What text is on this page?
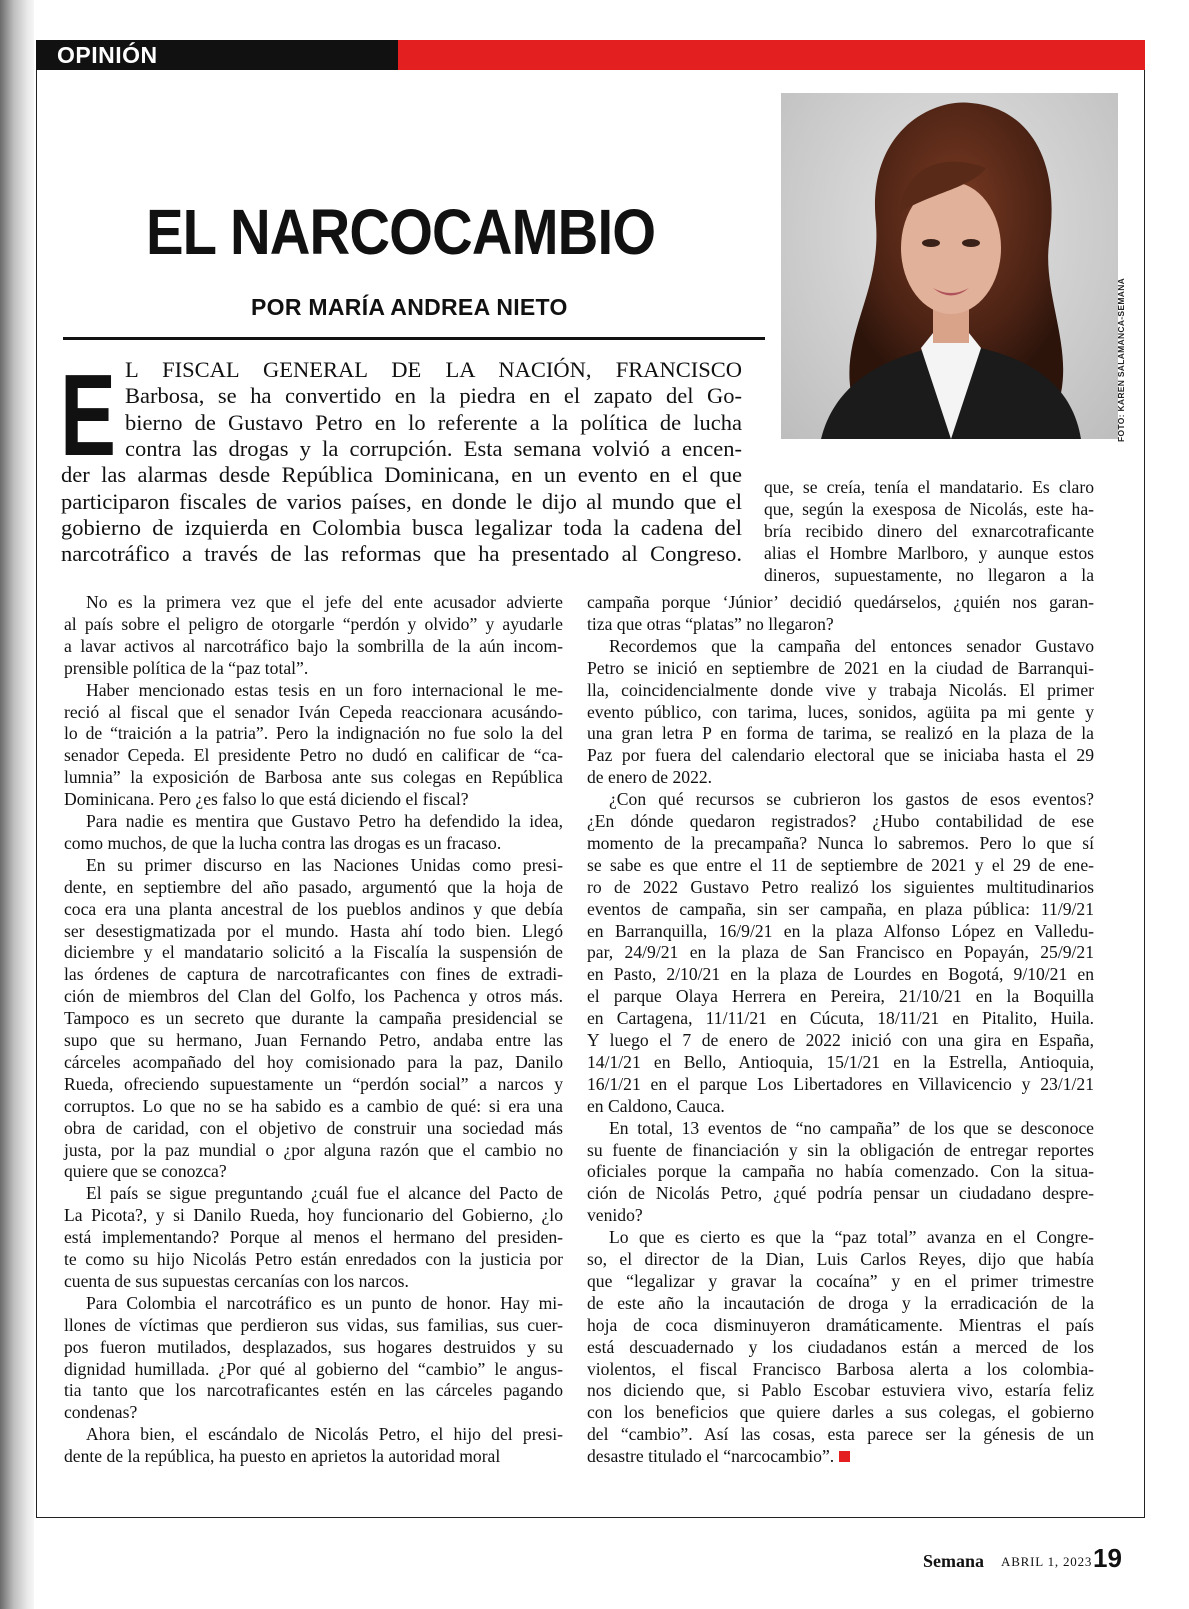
OPINIÓN
FOTO: KAREN SALAMANCA-SEMANA
EL NARCOCAMBIO
POR MARÍA ANDREA NIETO
E L FISCAL GENERAL DE LA NACIÓN, FRANCISCO
Barbosa, se ha convertido en la piedra en el zapato del Go-
bierno de Gustavo Petro en lo referente a la política de lucha
contra las drogas y la corrupción. Esta semana volvió a encen-
der las alarmas desde República Dominicana, en un evento en el que
participaron fiscales de varios países, en donde le dijo al mundo que el
gobierno de izquierda en Colombia busca legalizar toda la cadena del
narcotráfico a través de las reformas que ha presentado al Congreso.
que, se creía, tenía el mandatario. Es claro
que, según la exesposa de Nicolás, este ha-
bría recibido dinero del exnarcotraficante
alias el Hombre Marlboro, y aunque estos
dineros, supuestamente, no llegaron a la
No es la primera vez que el jefe del ente acusador advierte
al país sobre el peligro de otorgarle “perdón y olvido” y ayudarle
a lavar activos al narcotráfico bajo la sombrilla de la aún incom-
prensible política de la “paz total”.
Haber mencionado estas tesis en un foro internacional le me-
reció al fiscal que el senador Iván Cepeda reaccionara acusándo-
lo de “traición a la patria”. Pero la indignación no fue solo la del
senador Cepeda. El presidente Petro no dudó en calificar de “ca-
lumnia” la exposición de Barbosa ante sus colegas en República
Dominicana. Pero ¿es falso lo que está diciendo el fiscal?
Para nadie es mentira que Gustavo Petro ha defendido la idea,
como muchos, de que la lucha contra las drogas es un fracaso.
En su primer discurso en las Naciones Unidas como presi-
dente, en septiembre del año pasado, argumentó que la hoja de
coca era una planta ancestral de los pueblos andinos y que debía
ser desestigmatizada por el mundo. Hasta ahí todo bien. Llegó
diciembre y el mandatario solicitó a la Fiscalía la suspensión de
las órdenes de captura de narcotraficantes con fines de extradi-
ción de miembros del Clan del Golfo, los Pachenca y otros más.
Tampoco es un secreto que durante la campaña presidencial se
supo que su hermano, Juan Fernando Petro, andaba entre las
cárceles acompañado del hoy comisionado para la paz, Danilo
Rueda, ofreciendo supuestamente un “perdón social” a narcos y
corruptos. Lo que no se ha sabido es a cambio de qué: si era una
obra de caridad, con el objetivo de construir una sociedad más
justa, por la paz mundial o ¿por alguna razón que el cambio no
quiere que se conozca?
El país se sigue preguntando ¿cuál fue el alcance del Pacto de
La Picota?, y si Danilo Rueda, hoy funcionario del Gobierno, ¿lo
está implementando? Porque al menos el hermano del presiden-
te como su hijo Nicolás Petro están enredados con la justicia por
cuenta de sus supuestas cercanías con los narcos.
Para Colombia el narcotráfico es un punto de honor. Hay mi-
llones de víctimas que perdieron sus vidas, sus familias, sus cuer-
pos fueron mutilados, desplazados, sus hogares destruidos y su
dignidad humillada. ¿Por qué al gobierno del “cambio” le angus-
tia tanto que los narcotraficantes estén en las cárceles pagando
condenas?
Ahora bien, el escándalo de Nicolás Petro, el hijo del presi-
dente de la república, ha puesto en aprietos la autoridad moral
campaña porque ‘Júnior’ decidió quedárselos, ¿quién nos garan-
tiza que otras “platas” no llegaron?
Recordemos que la campaña del entonces senador Gustavo
Petro se inició en septiembre de 2021 en la ciudad de Barranqui-
lla, coincidencialmente donde vive y trabaja Nicolás. El primer
evento público, con tarima, luces, sonidos, agüita pa mi gente y
una gran letra P en forma de tarima, se realizó en la plaza de la
Paz por fuera del calendario electoral que se iniciaba hasta el 29
de enero de 2022.
¿Con qué recursos se cubrieron los gastos de esos eventos?
¿En dónde quedaron registrados? ¿Hubo contabilidad de ese
momento de la precampaña? Nunca lo sabremos. Pero lo que sí
se sabe es que entre el 11 de septiembre de 2021 y el 29 de ene-
ro de 2022 Gustavo Petro realizó los siguientes multitudinarios
eventos de campaña, sin ser campaña, en plaza pública: 11/9/21
en Barranquilla, 16/9/21 en la plaza Alfonso López en Valledu-
par, 24/9/21 en la plaza de San Francisco en Popayán, 25/9/21
en Pasto, 2/10/21 en la plaza de Lourdes en Bogotá, 9/10/21 en
el parque Olaya Herrera en Pereira, 21/10/21 en la Boquilla
en Cartagena, 11/11/21 en Cúcuta, 18/11/21 en Pitalito, Huila.
Y luego el 7 de enero de 2022 inició con una gira en España,
14/1/21 en Bello, Antioquia, 15/1/21 en la Estrella, Antioquia,
16/1/21 en el parque Los Libertadores en Villavicencio y 23/1/21
en Caldono, Cauca.
En total, 13 eventos de “no campaña” de los que se desconoce
su fuente de financiación y sin la obligación de entregar reportes
oficiales porque la campaña no había comenzado. Con la situa-
ción de Nicolás Petro, ¿qué podría pensar un ciudadano despre-
venido?
Lo que es cierto es que la “paz total” avanza en el Congre-
so, el director de la Dian, Luis Carlos Reyes, dijo que había
que “legalizar y gravar la cocaína” y en el primer trimestre
de este año la incautación de droga y la erradicación de la
hoja de coca disminuyeron dramáticamente. Mientras el país
está descuadernado y los ciudadanos están a merced de los
violentos, el fiscal Francisco Barbosa alerta a los colombia-
nos diciendo que, si Pablo Escobar estuviera vivo, estaría feliz
con los beneficios que quiere darles a sus colegas, el gobierno
del “cambio”. Así las cosas, esta parece ser la génesis de un
desastre titulado el “narcocambio”.
Semana ABRIL 1, 2023 19
